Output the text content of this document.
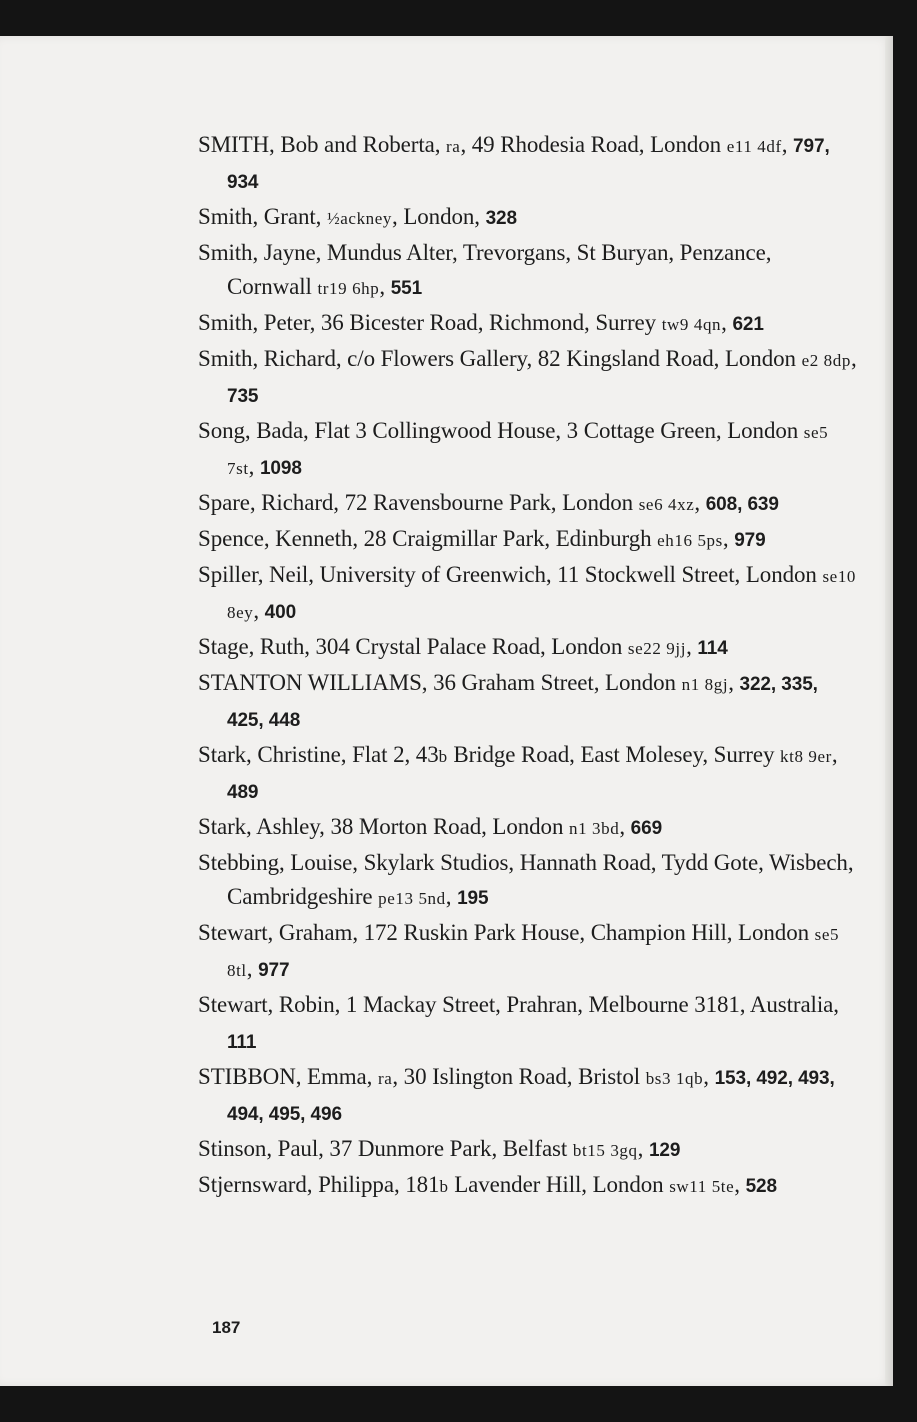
SMITH, Bob and Roberta, ra, 49 Rhodesia Road, London e11 4df, 797, 934
Smith, Grant, ½ackney, London, 328
Smith, Jayne, Mundus Alter, Trevorgans, St Buryan, Penzance, Cornwall tr19 6hp, 551
Smith, Peter, 36 Bicester Road, Richmond, Surrey tw9 4qn, 621
Smith, Richard, c/o Flowers Gallery, 82 Kingsland Road, London e2 8dp, 735
Song, Bada, Flat 3 Collingwood House, 3 Cottage Green, London se5 7st, 1098
Spare, Richard, 72 Ravensbourne Park, London se6 4xz, 608, 639
Spence, Kenneth, 28 Craigmillar Park, Edinburgh eh16 5ps, 979
Spiller, Neil, University of Greenwich, 11 Stockwell Street, London se10 8ey, 400
Stage, Ruth, 304 Crystal Palace Road, London se22 9jj, 114
STANTON WILLIAMS, 36 Graham Street, London n1 8gj, 322, 335, 425, 448
Stark, Christine, Flat 2, 43b Bridge Road, East Molesey, Surrey kt8 9er, 489
Stark, Ashley, 38 Morton Road, London n1 3bd, 669
Stebbing, Louise, Skylark Studios, Hannath Road, Tydd Gote, Wisbech, Cambridgeshire pe13 5nd, 195
Stewart, Graham, 172 Ruskin Park House, Champion Hill, London se5 8tl, 977
Stewart, Robin, 1 Mackay Street, Prahran, Melbourne 3181, Australia, 111
STIBBON, Emma, ra, 30 Islington Road, Bristol bs3 1qb, 153, 492, 493, 494, 495, 496
Stinson, Paul, 37 Dunmore Park, Belfast bt15 3gq, 129
Stjernsward, Philippa, 181b Lavender Hill, London sw11 5te, 528
187
